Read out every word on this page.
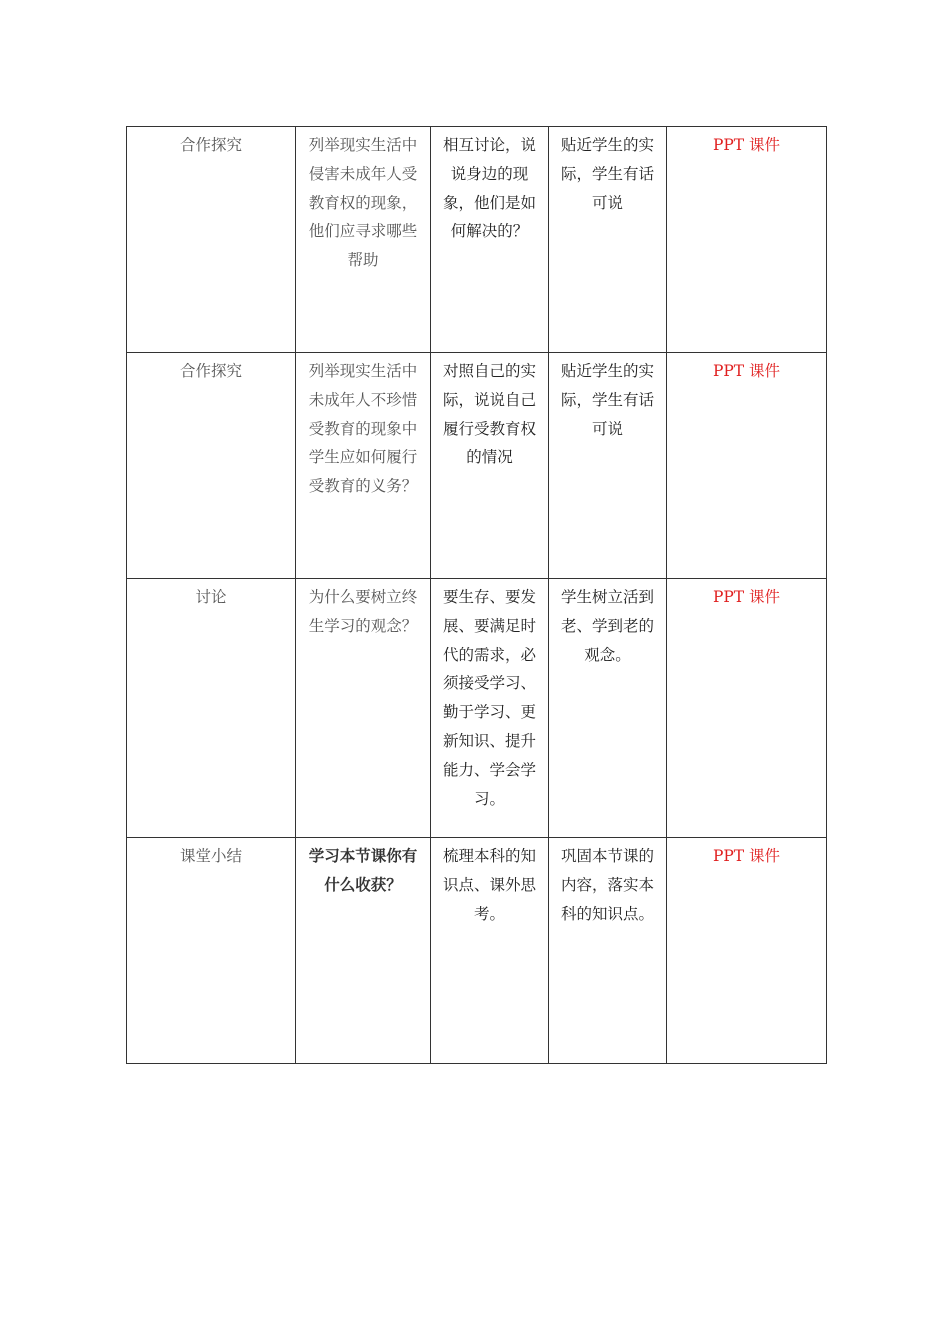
合作探究	列举现实生活中侵害未成年人受教育权的现象，他们应寻求哪些帮助	相互讨论，说说身边的现象，他们是如何解决的？	贴近学生的实际，学生有话可说	PPT 课件
合作探究	列举现实生活中未成年人不珍惜受教育的现象中学生应如何履行受教育的义务？	对照自己的实际，说说自己履行受教育权的情况	贴近学生的实际，学生有话可说	PPT 课件
讨论	为什么要树立终生学习的观念？	要生存、要发展、要满足时代的需求，必须接受学习、勤于学习、更新知识、提升能力、学会学习。	学生树立活到老、学到老的观念。	PPT 课件
课堂小结	学习本节课你有什么收获？	梳理本科的知识点、课外思考。	巩固本节课的内容，落实本科的知识点。	PPT 课件
